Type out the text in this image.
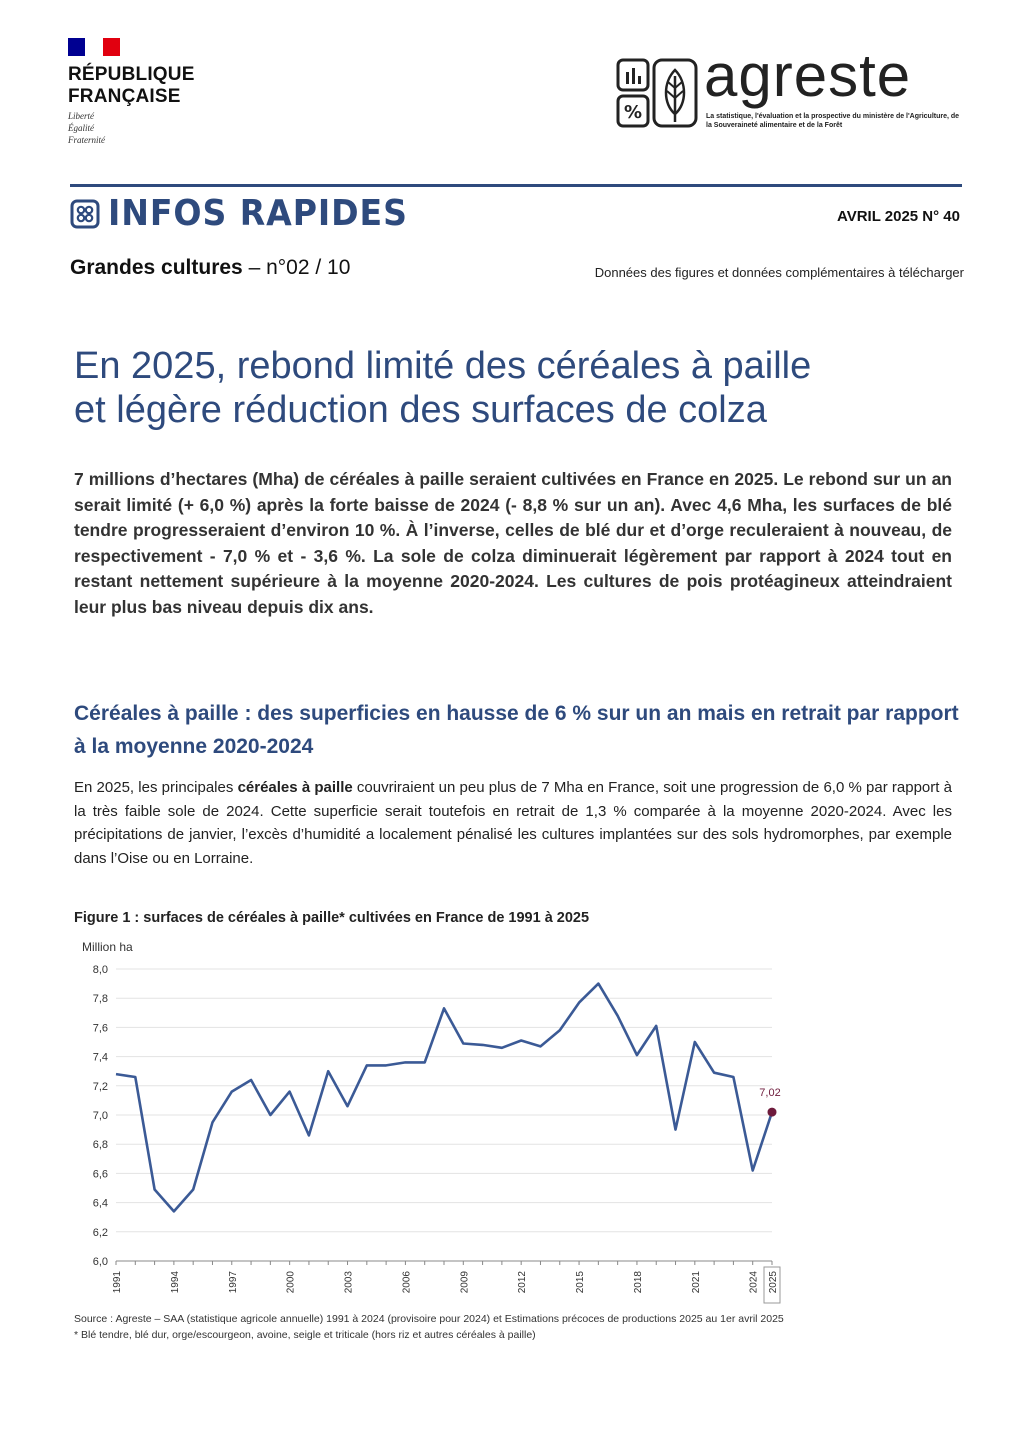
RÉPUBLIQUE
FRANÇAISE
Liberté
Égalité
Fraternité
%
agreste
La statistique, l'évaluation et la prospective du ministère de l'Agriculture, de la Souveraineté alimentaire et de la Forêt
INFOS RAPIDES	AVRIL 2025 N° 40
Grandes cultures – n°02 / 10	Données des figures et données complémentaires à télécharger
En 2025, rebond limité des céréales à paille
et légère réduction des surfaces de colza

7 millions d’hectares (Mha) de céréales à paille seraient cultivées en France en 2025. Le rebond sur un an serait limité (+ 6,0 %) après la forte baisse de 2024 (- 8,8 % sur un an). Avec 4,6 Mha, les surfaces de blé tendre progresseraient d’environ 10 %. À l’inverse, celles de blé dur et d’orge reculeraient à nouveau, de respectivement - 7,0 % et - 3,6 %. La sole de colza diminuerait légèrement par rapport à 2024 tout en restant nettement supérieure à la moyenne 2020-2024. Les cultures de pois protéagineux atteindraient leur plus bas niveau depuis dix ans.

Céréales à paille : des superficies en hausse de 6 % sur un an mais en retrait par rapport à la moyenne 2020-2024

En 2025, les principales céréales à paille couvriraient un peu plus de 7 Mha en France, soit une progression de 6,0 % par rapport à la très faible sole de 2024. Cette superficie serait toutefois en retrait de 1,3 % comparée à la moyenne 2020-2024. Avec les précipitations de janvier, l’excès d’humidité a localement pénalisé les cultures implantées sur des sols hydromorphes, par exemple dans l’Oise ou en Lorraine.

Figure 1 : surfaces de céréales à paille* cultivées en France de 1991 à 2025
Million ha
6,0
6,2
6,4
6,6
6,8
7,0
7,2
7,4
7,6
7,8
8,0
1991	1994	1997	2000	2003	2006	2009	2012	2015	2018	2021	2024 2025
7,02
Source : Agreste – SAA (statistique agricole annuelle) 1991 à 2024 (provisoire pour 2024) et Estimations précoces de productions 2025 au 1er avril 2025
* Blé tendre, blé dur, orge/escourgeon, avoine, seigle et triticale (hors riz et autres céréales à paille)
